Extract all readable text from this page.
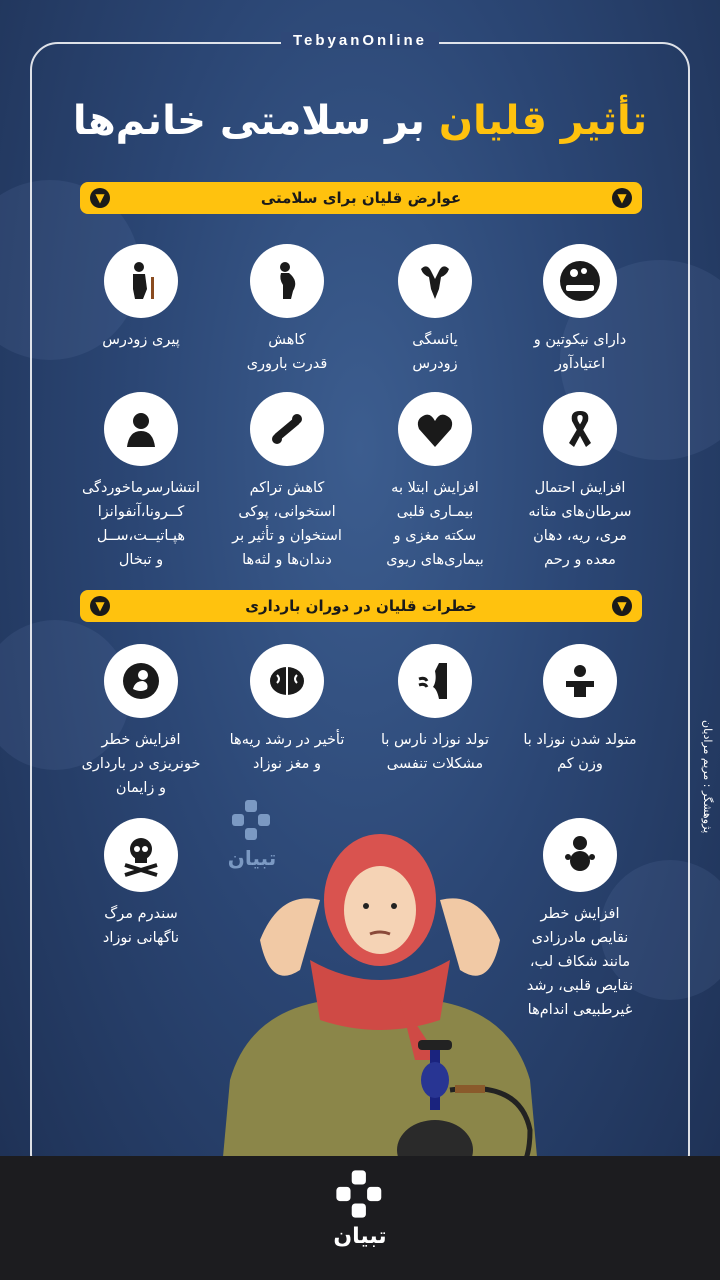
TebyanOnline
تأثیر قلیان بر سلامتی خانم‌ها
▼	عوارض قلیان برای سلامتی	▼
▼	خطرات قلیان در دوران بارداری	▼
دارای نیکوتین و
اعتیادآور
یائسگی
زودرس
کاهش
قدرت باروری
پیری زودرس
افزایش احتمال
سرطان‌های مثانه
مری، ریه، دهان
معده و رحم
افزایش ابتلا به
بیمـاری قلبی
سکته مغزی و
بیماری‌های ریوی
کاهش تراکم
استخوانی، پوکی
استخوان و تأثیر بر
دندان‌ها و لثه‌ها
انتشارسرماخوردگی
کــرونا،آنفوانزا
هپـاتیــت،ســل
و تبخال
متولد شدن نوزاد با
وزن کم
تولد نوزاد نارس با
مشکلات تنفسی
تأخیر در رشد ریه‌ها
و مغز نوزاد
افزایش خطر
خونریزی در بارداری
و زایمان
افزایش خطر
نقایص مادرزادی
مانند شکاف لب،
نقایص قلبی، رشد
غیرطبیعی اندام‌ها
سندرم مرگ
ناگهانی نوزاد
تبیان
پژوهشگر : مریم مرادیان
تبیان
